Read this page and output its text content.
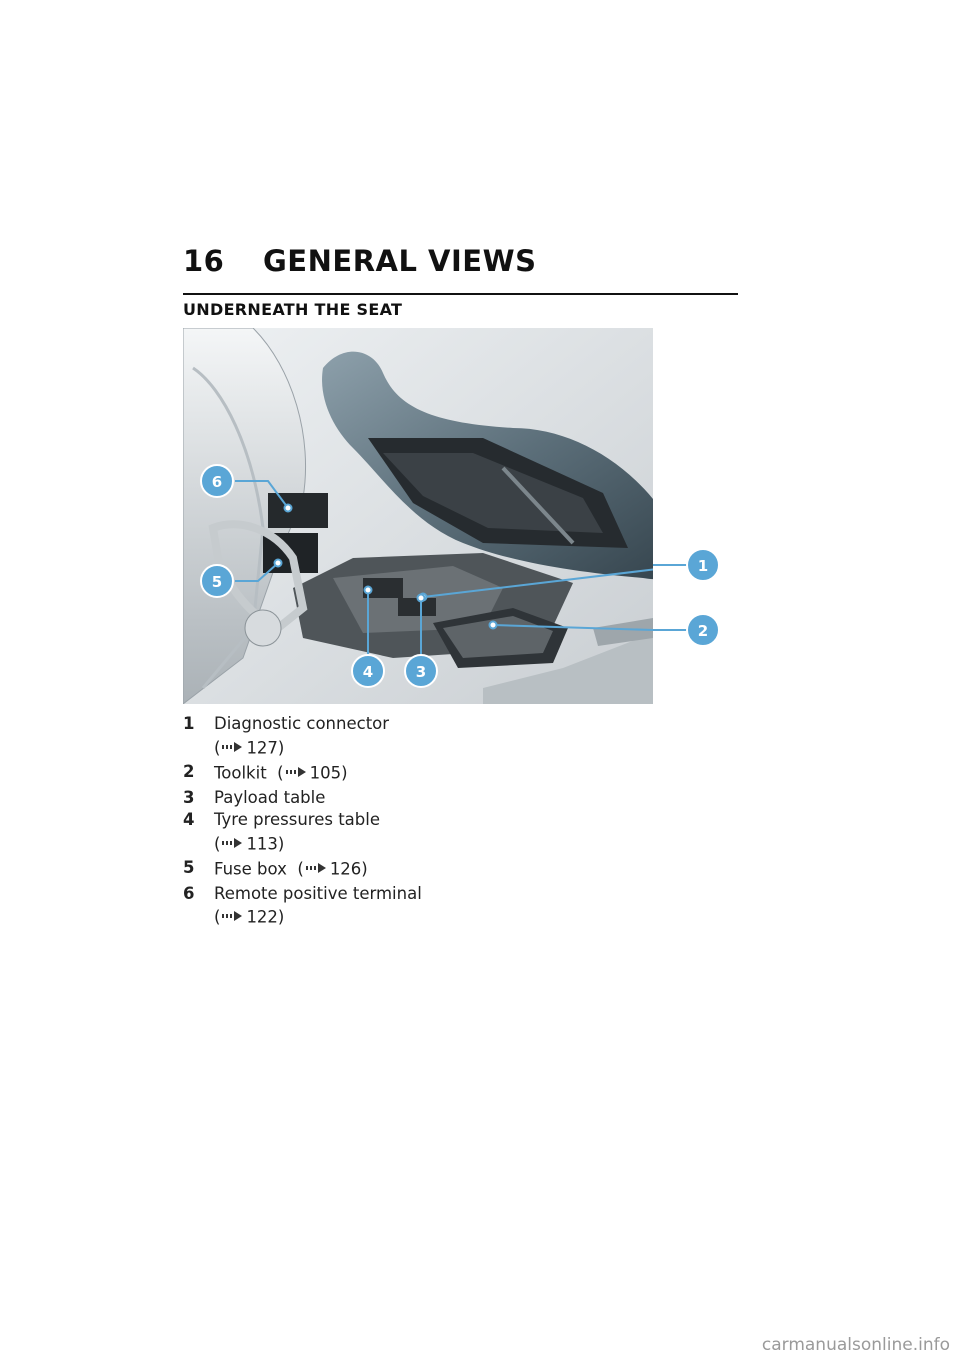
16 GENERAL VIEWS
UNDERNEATH THE SEAT
6
5
4	3
1
2
1 Diagnostic connector
( 127)
2 Toolkit ( 105)
3 Payload table
4 Tyre pressures table
( 113)
5 Fuse box ( 126)
6 Remote positive terminal
( 122)
carmanualsonline.info
